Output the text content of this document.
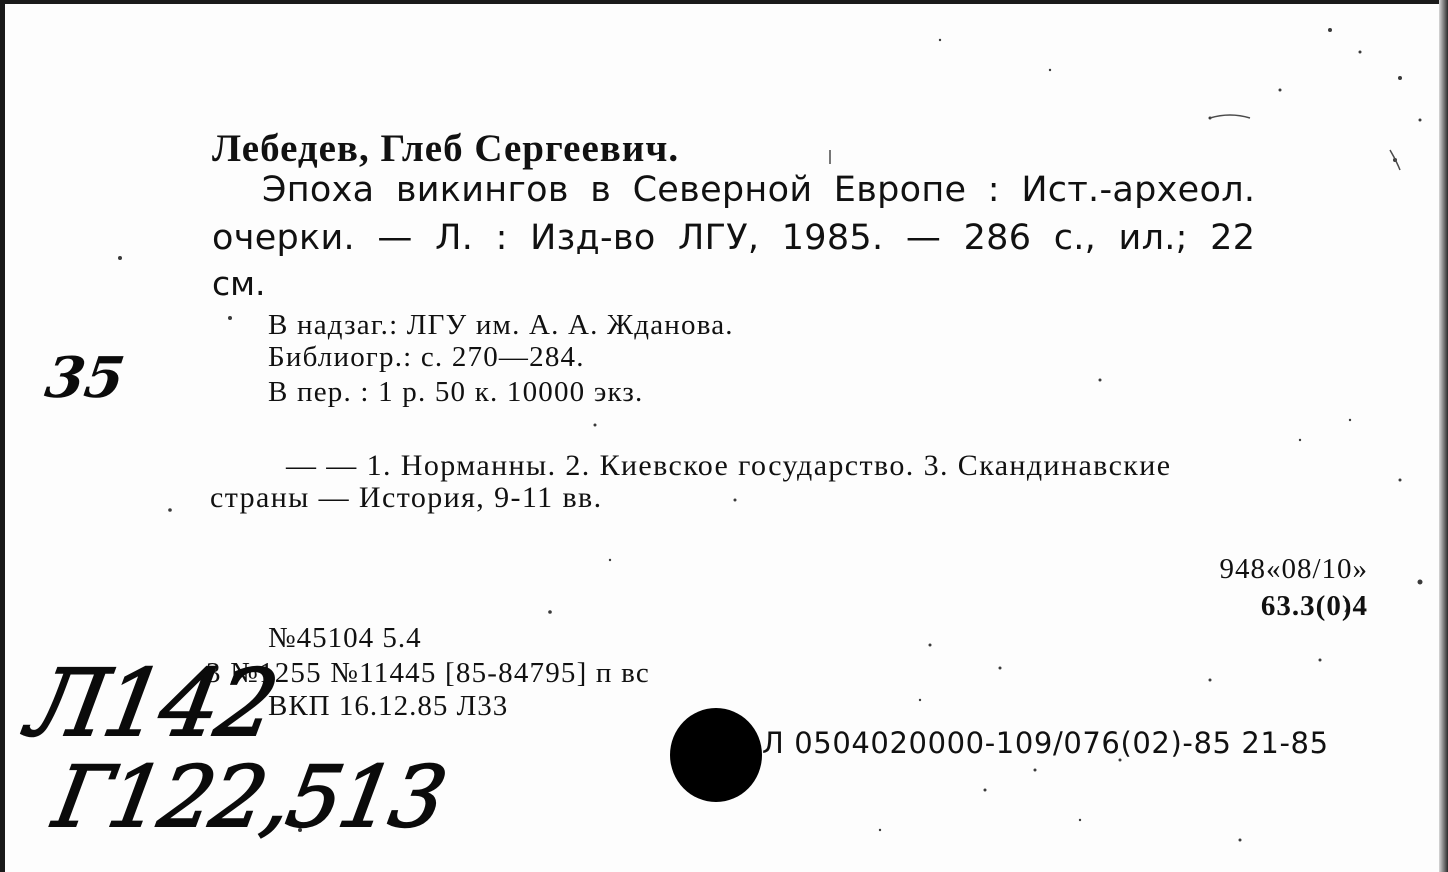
Лебедев, Глеб Сергеевич.
Эпоха викингов в Северной Европе : Ист.-археол.
очерки. — Л. : Изд-во ЛГУ, 1985. — 286 с., ил.; 22
см.
В надзаг.: ЛГУ им. А. А. Жданова.
Библиогр.: с. 270—284.
В пер. : 1 р. 50 к. 10000 экз.
— — 1. Норманны. 2. Киевское государство. 3. Скандинавские
страны — История, 9-11 вв.
948«08/10»
63.3(0)4
№45104 5.4
3 №1255 №11445 [85-84795] п вс
ВКП 16.12.85 Л33
Л 0504020000-109/076(02)-85 21-85
35
Л142
Г122,513
